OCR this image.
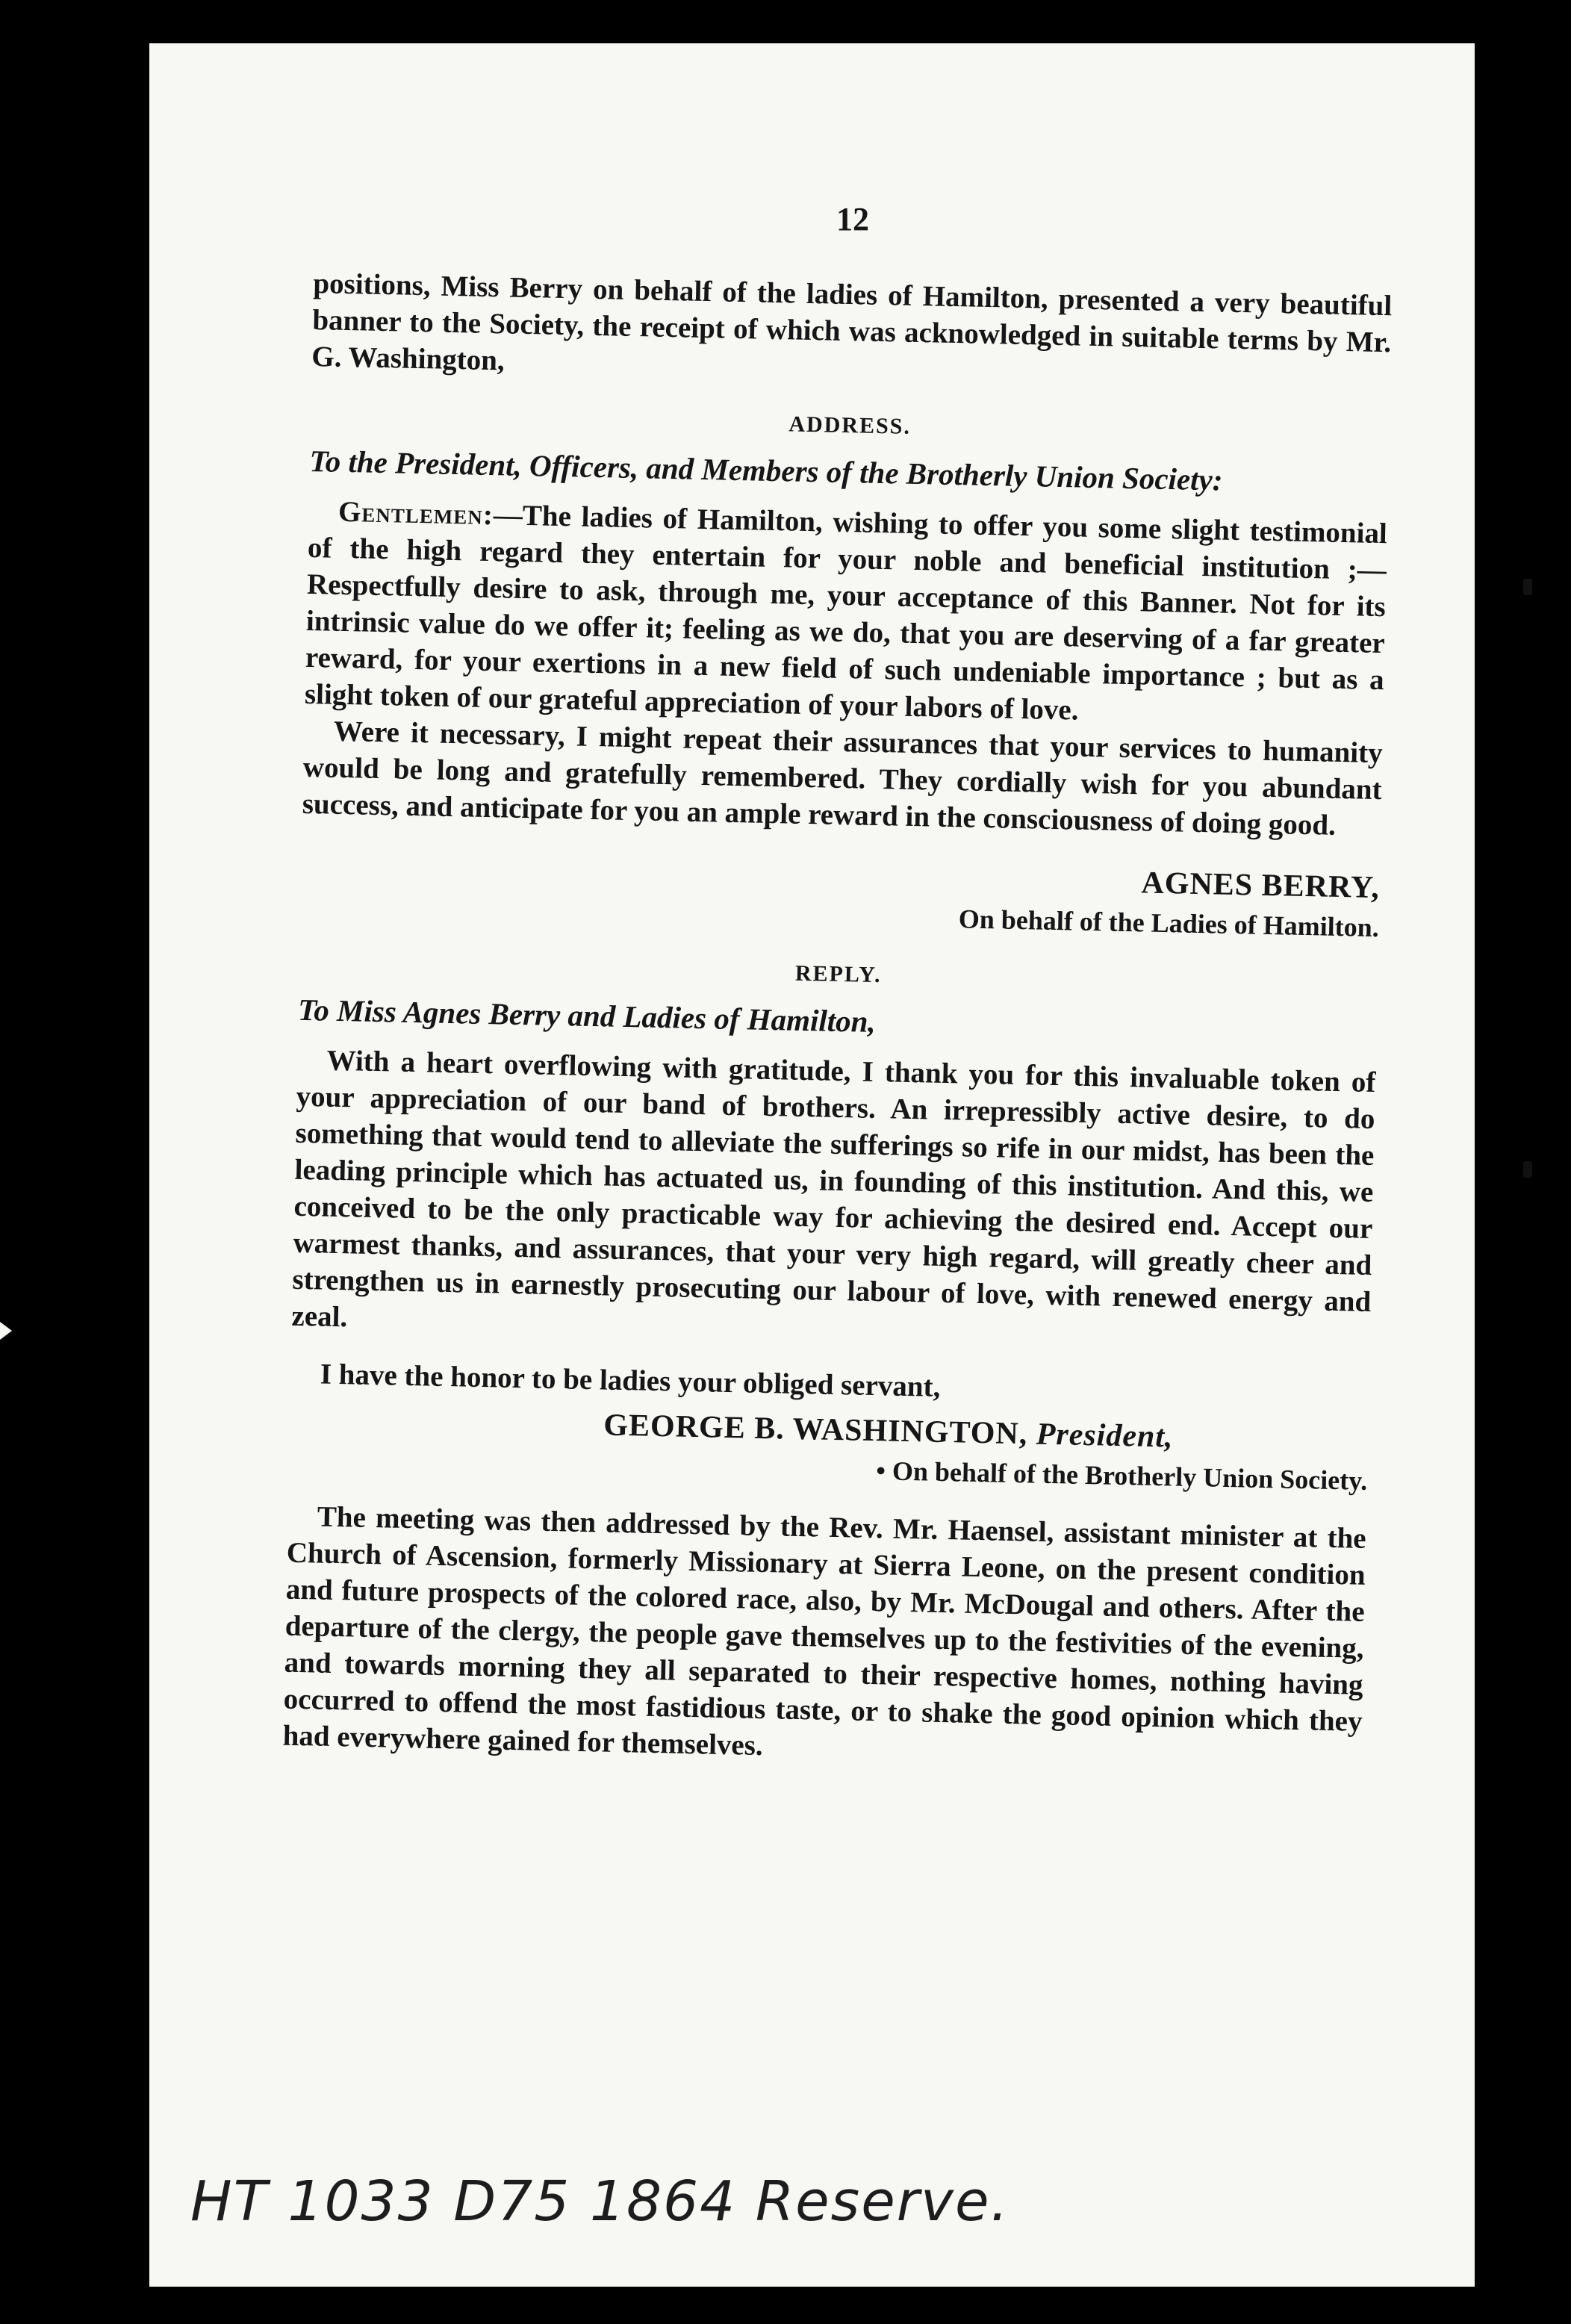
12

positions, Miss Berry on behalf of the ladies of Hamilton, presented a very beautiful banner to the Society, the receipt of which was acknowledged in suitable terms by Mr. G. Washington,

ADDRESS.

To the President, Officers, and Members of the Brotherly Union Society:

Gentlemen:—The ladies of Hamilton, wishing to offer you some slight testimonial of the high regard they entertain for your noble and beneficial institution ;—Respectfully desire to ask, through me, your acceptance of this Banner. Not for its intrinsic value do we offer it; feeling as we do, that you are deserving of a far greater reward, for your exertions in a new field of such undeniable importance ; but as a slight token of our grateful appreciation of your labors of love.

Were it necessary, I might repeat their assurances that your services to humanity would be long and gratefully remembered. They cordially wish for you abundant success, and anticipate for you an ample reward in the consciousness of doing good.

AGNES BERRY,
On behalf of the Ladies of Hamilton.
REPLY.

To Miss Agnes Berry and Ladies of Hamilton,

With a heart overflowing with gratitude, I thank you for this invaluable token of your appreciation of our band of brothers. An irrepressibly active desire, to do something that would tend to alleviate the sufferings so rife in our midst, has been the leading principle which has actuated us, in founding of this institution. And this, we conceived to be the only practicable way for achieving the desired end. Accept our warmest thanks, and assurances, that your very high regard, will greatly cheer and strengthen us in earnestly prosecuting our labour of love, with renewed energy and zeal.

I have the honor to be ladies your obliged servant,

GEORGE B. WASHINGTON, President,
• On behalf of the Brotherly Union Society.

The meeting was then addressed by the Rev. Mr. Haensel, assistant minister at the Church of Ascension, formerly Missionary at Sierra Leone, on the present condition and future prospects of the colored race, also, by Mr. McDougal and others. After the departure of the clergy, the people gave themselves up to the festivities of the evening, and towards morning they all separated to their respective homes, nothing having occurred to offend the most fastidious taste, or to shake the good opinion which they had everywhere gained for themselves.

HT 1033 D75 1864 Reserve.
